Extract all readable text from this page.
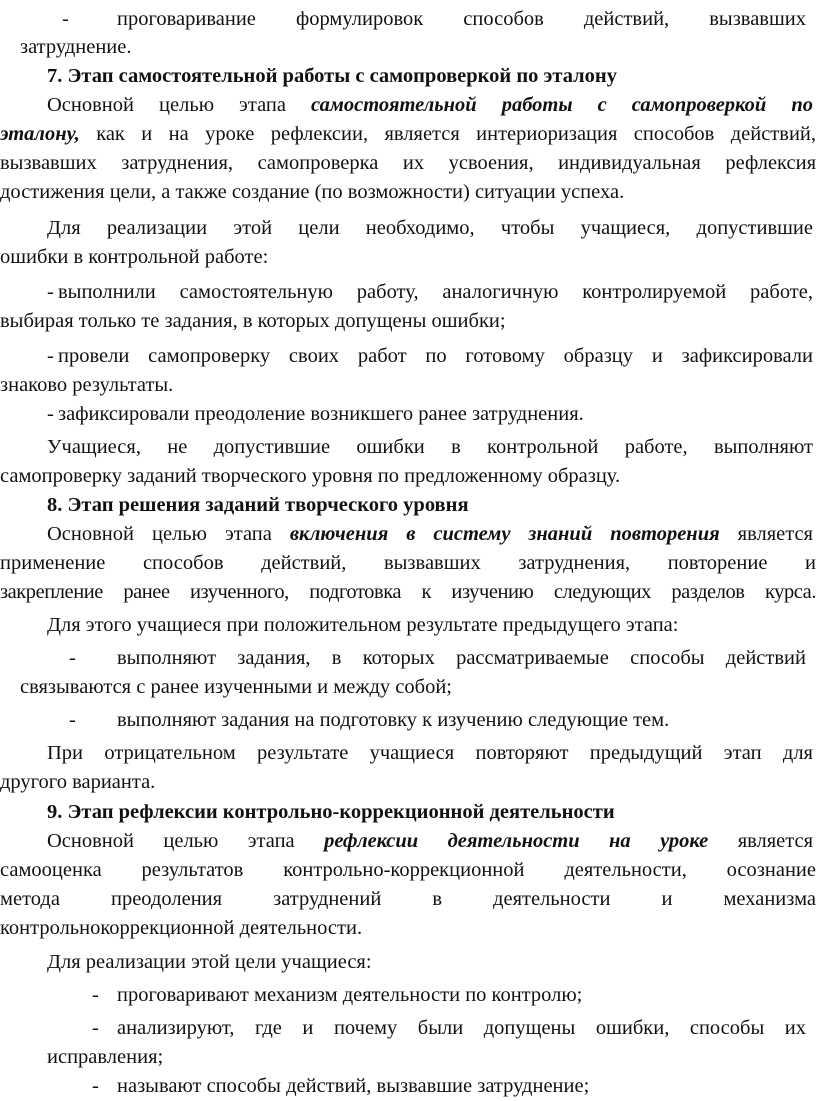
- проговаривание формулировок способов действий, вызвавших
затруднение.
7. Этап самостоятельной работы с самопроверкой по эталону
Основной целью этапа самостоятельной работы с самопроверкой по
эталону, как и на уроке рефлексии, является интериоризация способов действий,
вызвавших затруднения, самопроверка их усвоения, индивидуальная рефлексия
достижения цели, а также создание (по возможности) ситуации успеха.
Для реализации этой цели необходимо, чтобы учащиеся, допустившие
ошибки в контрольной работе:
- выполнили самостоятельную работу, аналогичную контролируемой работе,
выбирая только те задания, в которых допущены ошибки;
- провели самопроверку своих работ по готовому образцу и зафиксировали
знаково результаты.
- зафиксировали преодоление возникшего ранее затруднения.
Учащиеся, не допустившие ошибки в контрольной работе, выполняют
самопроверку заданий творческого уровня по предложенному образцу.
8. Этап решения заданий творческого уровня
Основной целью этапа включения в систему знаний повторения является
применение способов действий, вызвавших затруднения, повторение и
закрепление ранее изученного, подготовка к изучению следующих разделов курса.
Для этого учащиеся при положительном результате предыдущего этапа:
- выполняют задания, в которых рассматриваемые способы действий
связываются с ранее изученными и между собой;
- выполняют задания на подготовку к изучению следующие тем.
При отрицательном результате учащиеся повторяют предыдущий этап для
другого варианта.
9. Этап рефлексии контрольно-коррекционной деятельности
Основной целью этапа рефлексии деятельности на уроке является
самооценка результатов контрольно-коррекционной деятельности, осознание
метода преодоления затруднений в деятельности и механизма
контрольнокоррекционной деятельности.
Для реализации этой цели учащиеся:
- проговаривают механизм деятельности по контролю;
- анализируют, где и почему были допущены ошибки, способы их
исправления;
- называют способы действий, вызвавшие затруднение;
